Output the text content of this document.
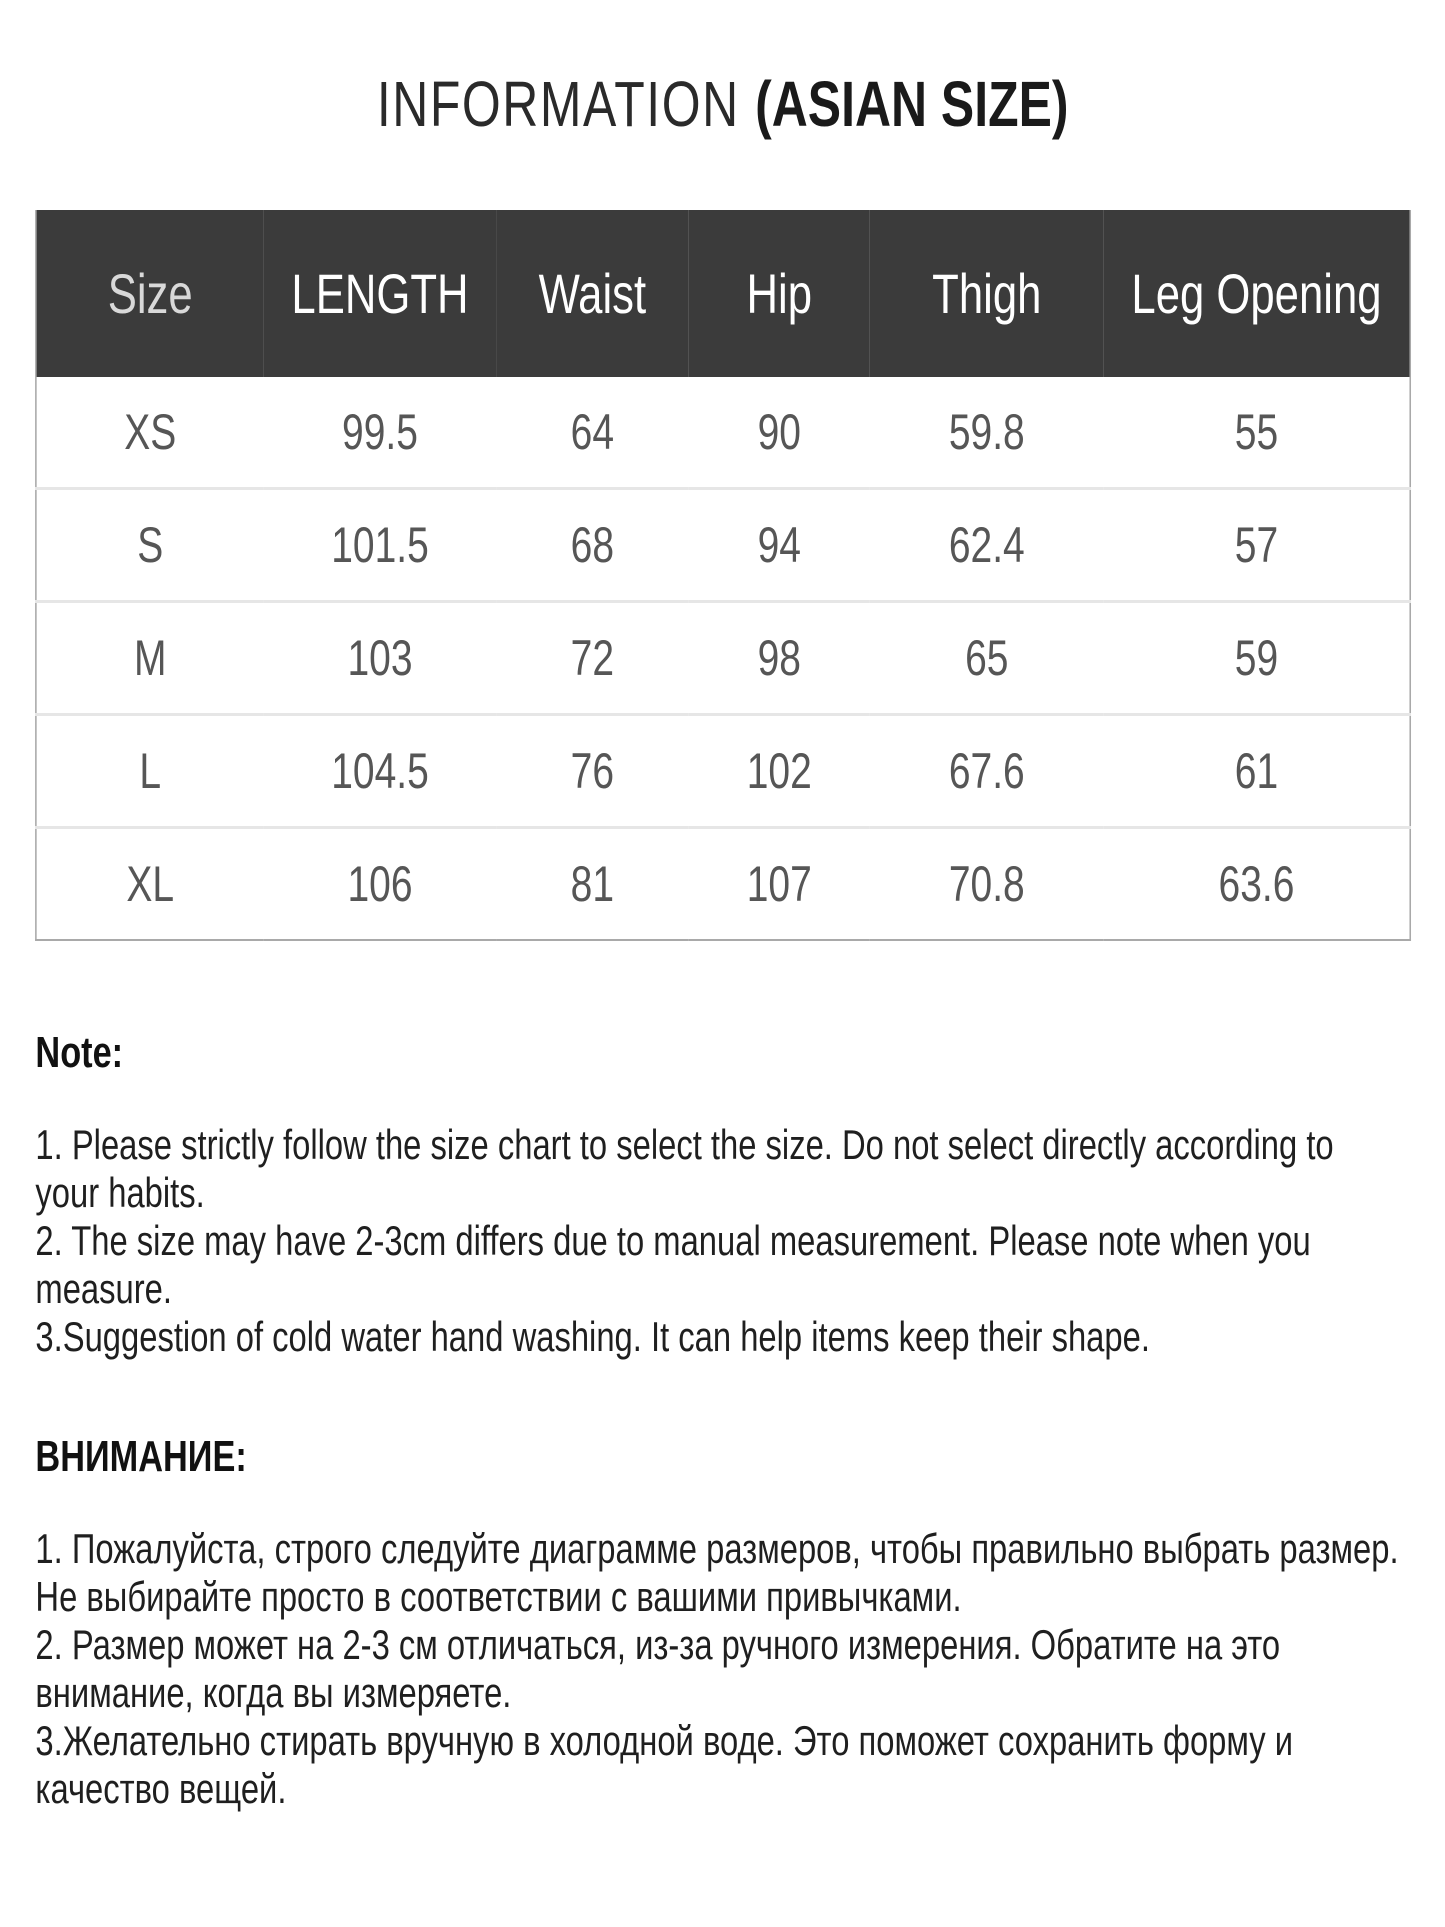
INFORMATION (ASIAN SIZE)
Size	LENGTH	Waist	Hip	Thigh	Leg Opening
XS	99.5	64	90	59.8	55
S	101.5	68	94	62.4	57
M	103	72	98	65	59
L	104.5	76	102	67.6	61
XL	106	81	107	70.8	63.6
Note:
1. Please strictly follow the size chart to select the size. Do not select directly according to your habits.
2. The size may have 2-3cm differs due to manual measurement. Please note when you measure.
3.Suggestion of cold water hand washing. It can help items keep their shape.
ВНИМАНИЕ:
1. Пожалуйста, строго следуйте диаграмме размеров, чтобы правильно выбрать размер. Не выбирайте просто в соответствии с вашими привычками.
2. Размер может на 2-3 см отличаться, из-за ручного измерения. Обратите на это внимание, когда вы измеряете.
3.Желательно стирать вручную в холодной воде. Это поможет сохранить форму и качество вещей.
